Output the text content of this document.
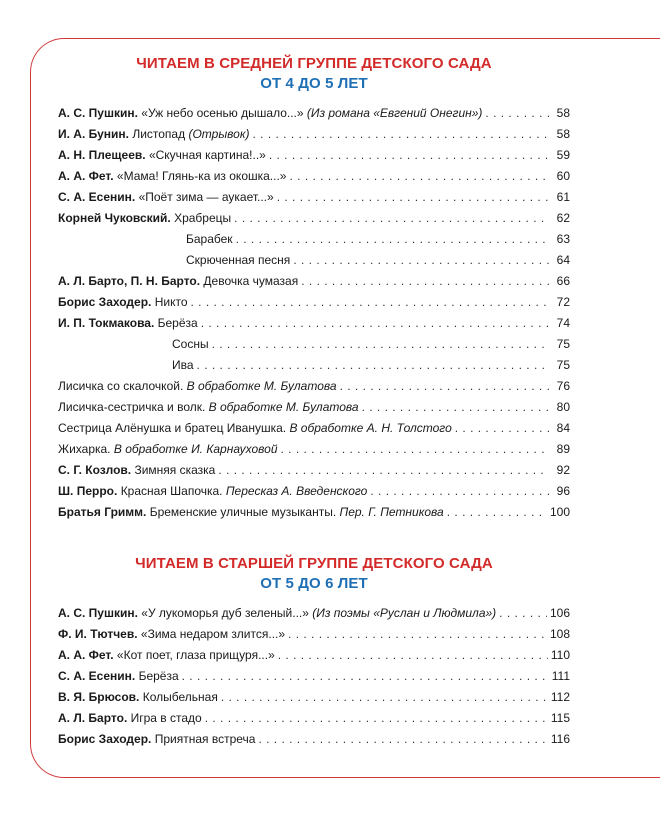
ЧИТАЕМ В СРЕДНЕЙ ГРУППЕ ДЕТСКОГО САДА
ОТ 4 ДО 5 ЛЕТ
А. С. Пушкин. «Уж небо осенью дышало...» (Из романа «Евгений Онегин») . . .	58
И. А. Бунин. Листопад (Отрывок) . . .	58
А. Н. Плещеев. «Скучная картина!..» . . .	59
А. А. Фет. «Мама! Глянь-ка из окошка...» . . .	60
С. А. Есенин. «Поёт зима — аукает...» . . .	61
Корней Чуковский. Храбрецы . . .	62
Барабек . . .	63
Скрюченная песня . . .	64
А. Л. Барто, П. Н. Барто. Девочка чумазая . . .	66
Борис Заходер. Никто . . .	72
И. П. Токмакова. Берёза . . .	74
Сосны . . .	75
Ива . . .	75
Лисичка со скалочкой. В обработке М. Булатова . . .	76
Лисичка-сестричка и волк. В обработке М. Булатова . . .	80
Сестрица Алёнушка и братец Иванушка. В обработке А. Н. Толстого . . .	84
Жихарка. В обработке И. Карнауховой . . .	89
С. Г. Козлов. Зимняя сказка . . .	92
Ш. Перро. Красная Шапочка. Пересказ А. Введенского . . .	96
Братья Гримм. Бременские уличные музыканты. Пер. Г. Петникова . . .	100
ЧИТАЕМ В СТАРШЕЙ ГРУППЕ ДЕТСКОГО САДА
ОТ 5 ДО 6 ЛЕТ
А. С. Пушкин. «У лукоморья дуб зеленый...» (Из поэмы «Руслан и Людмила») . . .	106
Ф. И. Тютчев. «Зима недаром злится...» . . .	108
А. А. Фет. «Кот поет, глаза прищуря...» . . .	110
С. А. Есенин. Берёза . . .	111
В. Я. Брюсов. Колыбельная . . .	112
А. Л. Барто. Игра в стадо . . .	115
Борис Заходер. Приятная встреча . . .	116
